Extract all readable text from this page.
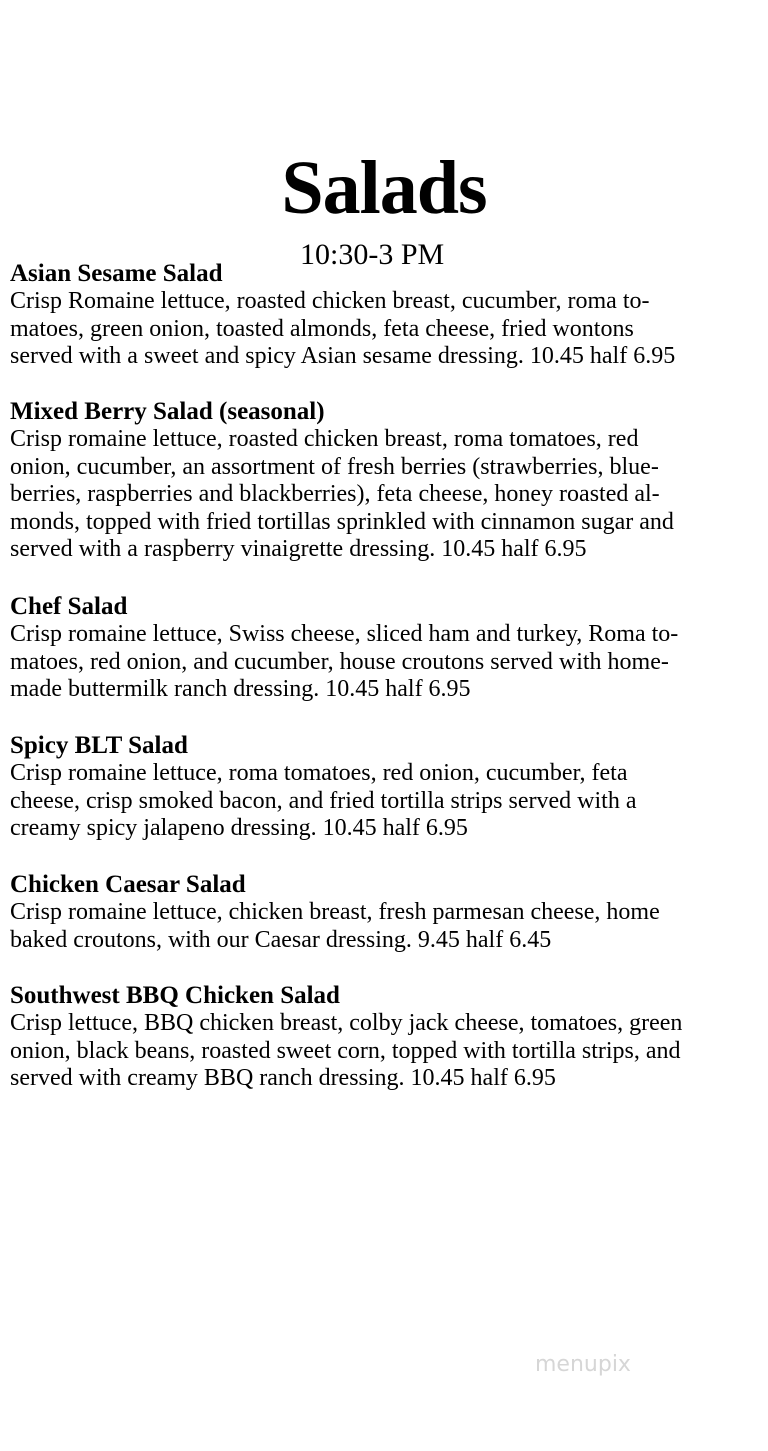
Salads
10:30-3 PM
Asian Sesame Salad
Crisp Romaine lettuce, roasted chicken breast, cucumber, roma to-
matoes, green onion, toasted almonds, feta cheese, fried wontons
served with a sweet and spicy Asian sesame dressing. 10.45 half 6.95
Mixed Berry Salad (seasonal)
Crisp romaine lettuce, roasted chicken breast, roma tomatoes, red
onion, cucumber, an assortment of fresh berries (strawberries, blue-
berries, raspberries and blackberries), feta cheese, honey roasted al-
monds, topped with fried tortillas sprinkled with cinnamon sugar and
served with a raspberry vinaigrette dressing. 10.45 half 6.95
Chef Salad
Crisp romaine lettuce, Swiss cheese, sliced ham and turkey, Roma to-
matoes, red onion, and cucumber, house croutons served with home-
made buttermilk ranch dressing. 10.45 half 6.95
Spicy BLT Salad
Crisp romaine lettuce, roma tomatoes, red onion, cucumber, feta
cheese, crisp smoked bacon, and fried tortilla strips served with a
creamy spicy jalapeno dressing. 10.45 half 6.95
Chicken Caesar Salad
Crisp romaine lettuce, chicken breast, fresh parmesan cheese, home
baked croutons, with our Caesar dressing. 9.45 half 6.45
Southwest BBQ Chicken Salad
Crisp lettuce, BBQ chicken breast, colby jack cheese, tomatoes, green
onion, black beans, roasted sweet corn, topped with tortilla strips, and
served with creamy BBQ ranch dressing. 10.45 half 6.95
menupix
